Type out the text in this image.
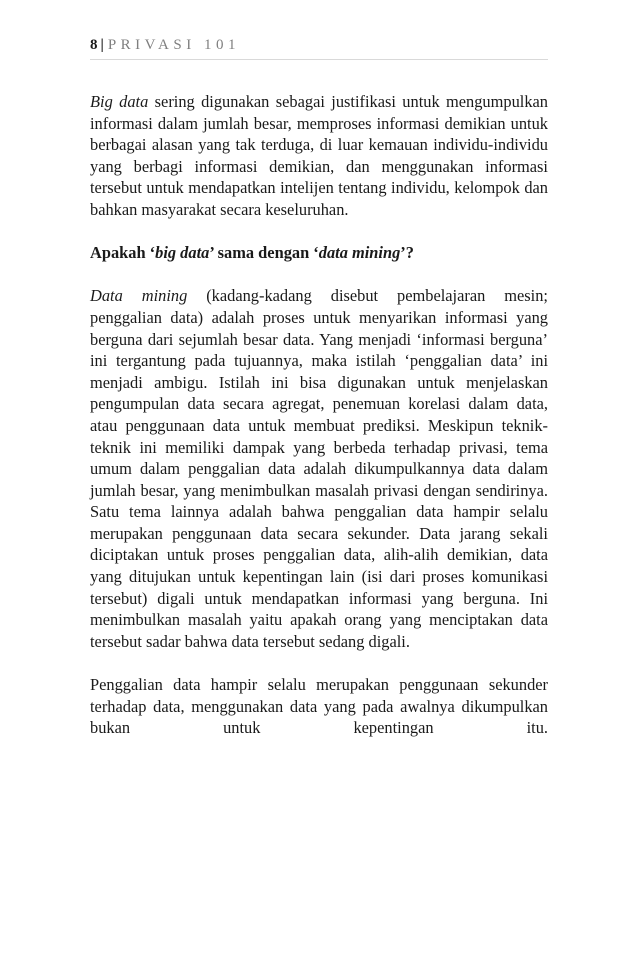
8 | PRIVASI 101

Big data sering digunakan sebagai justifikasi untuk mengumpulkan informasi dalam jumlah besar, memproses informasi demikian untuk berbagai alasan yang tak terduga, di luar kemauan individu-individu yang berbagi informasi demikian, dan menggunakan informasi tersebut untuk mendapatkan intelijen tentang individu, kelompok dan bahkan masyarakat secara keseluruhan.

Apakah ‘big data’ sama dengan ‘data mining’?

Data mining (kadang-kadang disebut pembelajaran mesin; penggalian data) adalah proses untuk menyarikan informasi yang berguna dari sejumlah besar data. Yang menjadi ‘informasi berguna’ ini tergantung pada tujuannya, maka istilah ‘penggalian data’ ini menjadi ambigu. Istilah ini bisa digunakan untuk menjelaskan pengumpulan data secara agregat, penemuan korelasi dalam data, atau penggunaan data untuk membuat prediksi. Meskipun teknik-teknik ini memiliki dampak yang berbeda terhadap privasi, tema umum dalam penggalian data adalah dikumpulkannya data dalam jumlah besar, yang menimbulkan masalah privasi dengan sendirinya. Satu tema lainnya adalah bahwa penggalian data hampir selalu merupakan penggunaan data secara sekunder. Data jarang sekali diciptakan untuk proses penggalian data, alih-alih demikian, data yang ditujukan untuk kepentingan lain (isi dari proses komunikasi tersebut) digali untuk mendapatkan informasi yang berguna. Ini menimbulkan masalah yaitu apakah orang yang menciptakan data tersebut sadar bahwa data tersebut sedang digali.

Penggalian data hampir selalu merupakan penggunaan sekunder terhadap data, menggunakan data yang pada awalnya dikumpulkan bukan untuk kepentingan itu.
